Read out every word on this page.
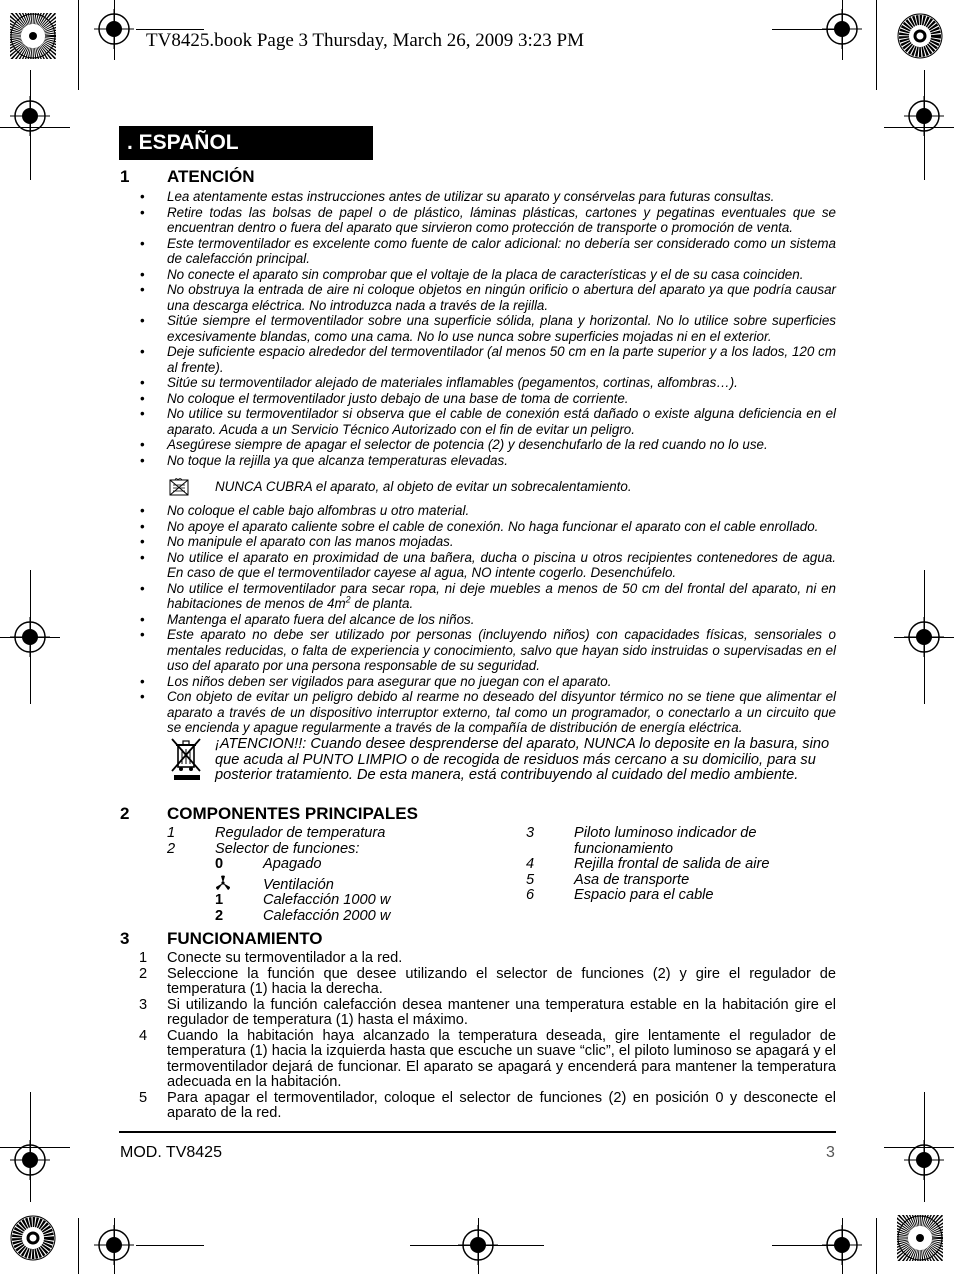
TV8425.book Page 3 Thursday, March 26, 2009 3:23 PM
. ESPAÑOL
1 ATENCIÓN
• Lea atentamente estas instrucciones antes de utilizar su aparato y consérvelas para futuras consultas.
• Retire todas las bolsas de papel o de plástico, láminas plásticas, cartones y pegatinas eventuales que se encuentran dentro o fuera del aparato que sirvieron como protección de transporte o promoción de venta.
• Este termoventilador es excelente como fuente de calor adicional: no debería ser considerado como un sistema de calefacción principal.
• No conecte el aparato sin comprobar que el voltaje de la placa de características y el de su casa coinciden.
• No obstruya la entrada de aire ni coloque objetos en ningún orificio o abertura del aparato ya que podría causar una descarga eléctrica. No introduzca nada a través de la rejilla.
• Sitúe siempre el termoventilador sobre una superficie sólida, plana y horizontal. No lo utilice sobre superficies excesivamente blandas, como una cama. No lo use nunca sobre superficies mojadas ni en el exterior.
• Deje suficiente espacio alrededor del termoventilador (al menos 50 cm en la parte superior y a los lados, 120 cm al frente).
• Sitúe su termoventilador alejado de materiales inflamables (pegamentos, cortinas, alfombras…).
• No coloque el termoventilador justo debajo de una base de toma de corriente.
• No utilice su termoventilador si observa que el cable de conexión está dañado o existe alguna deficiencia en el aparato. Acuda a un Servicio Técnico Autorizado con el fin de evitar un peligro.
• Asegúrese siempre de apagar el selector de potencia (2) y desenchufarlo de la red cuando no lo use.
• No toque la rejilla ya que alcanza temperaturas elevadas.
NUNCA CUBRA el aparato, al objeto de evitar un sobrecalentamiento.
• No coloque el cable bajo alfombras u otro material.
• No apoye el aparato caliente sobre el cable de conexión. No haga funcionar el aparato con el cable enrollado.
• No manipule el aparato con las manos mojadas.
• No utilice el aparato en proximidad de una bañera, ducha o piscina u otros recipientes contenedores de agua. En caso de que el termoventilador cayese al agua, NO intente cogerlo. Desenchúfelo.
• No utilice el termoventilador para secar ropa, ni deje muebles a menos de 50 cm del frontal del aparato, ni en habitaciones de menos de $4m^2$ de planta.
• Mantenga el aparato fuera del alcance de los niños.
• Este aparato no debe ser utilizado por personas (incluyendo niños) con capacidades físicas, sensoriales o mentales reducidas, o falta de experiencia y conocimiento, salvo que hayan sido instruidas o supervisadas en el uso del aparato por una persona responsable de su seguridad.
• Los niños deben ser vigilados para asegurar que no juegan con el aparato.
• Con objeto de evitar un peligro debido al rearme no deseado del disyuntor térmico no se tiene que alimentar el aparato a través de un dispositivo interruptor externo, tal como un programador, o conectarlo a un circuito que se encienda y apague regularmente a través de la compañía de distribución de energía eléctrica.
¡ATENCION!!: Cuando desee desprenderse del aparato, NUNCA lo deposite en la basura, sino que acuda al PUNTO LIMPIO o de recogida de residuos más cercano a su domicilio, para su posterior tratamiento. De esta manera, está contribuyendo al cuidado del medio ambiente.
2 COMPONENTES PRINCIPALES
1	Regulador de temperatura
2	Selector de funciones:
0	Apagado
Ventilación
1	Calefacción 1000 w
2	Calefacción 2000 w
3	Piloto luminoso indicador de funcionamiento
4	Rejilla frontal de salida de aire
5	Asa de transporte
6	Espacio para el cable
3 FUNCIONAMIENTO
1 Conecte su termoventilador a la red.
2 Seleccione la función que desee utilizando el selector de funciones (2) y gire el regulador de temperatura (1) hacia la derecha.
3 Si utilizando la función calefacción desea mantener una temperatura estable en la habitación gire el regulador de temperatura (1) hasta el máximo.
4 Cuando la habitación haya alcanzado la temperatura deseada, gire lentamente el regulador de temperatura (1) hacia la izquierda hasta que escuche un suave “clic”, el piloto luminoso se apagará y el termoventilador dejará de funcionar. El aparato se apagará y encenderá para mantener la temperatura adecuada en la habitación.
5 Para apagar el termoventilador, coloque el selector de funciones (2) en posición 0 y desconecte el aparato de la red.
MOD. TV8425	3
